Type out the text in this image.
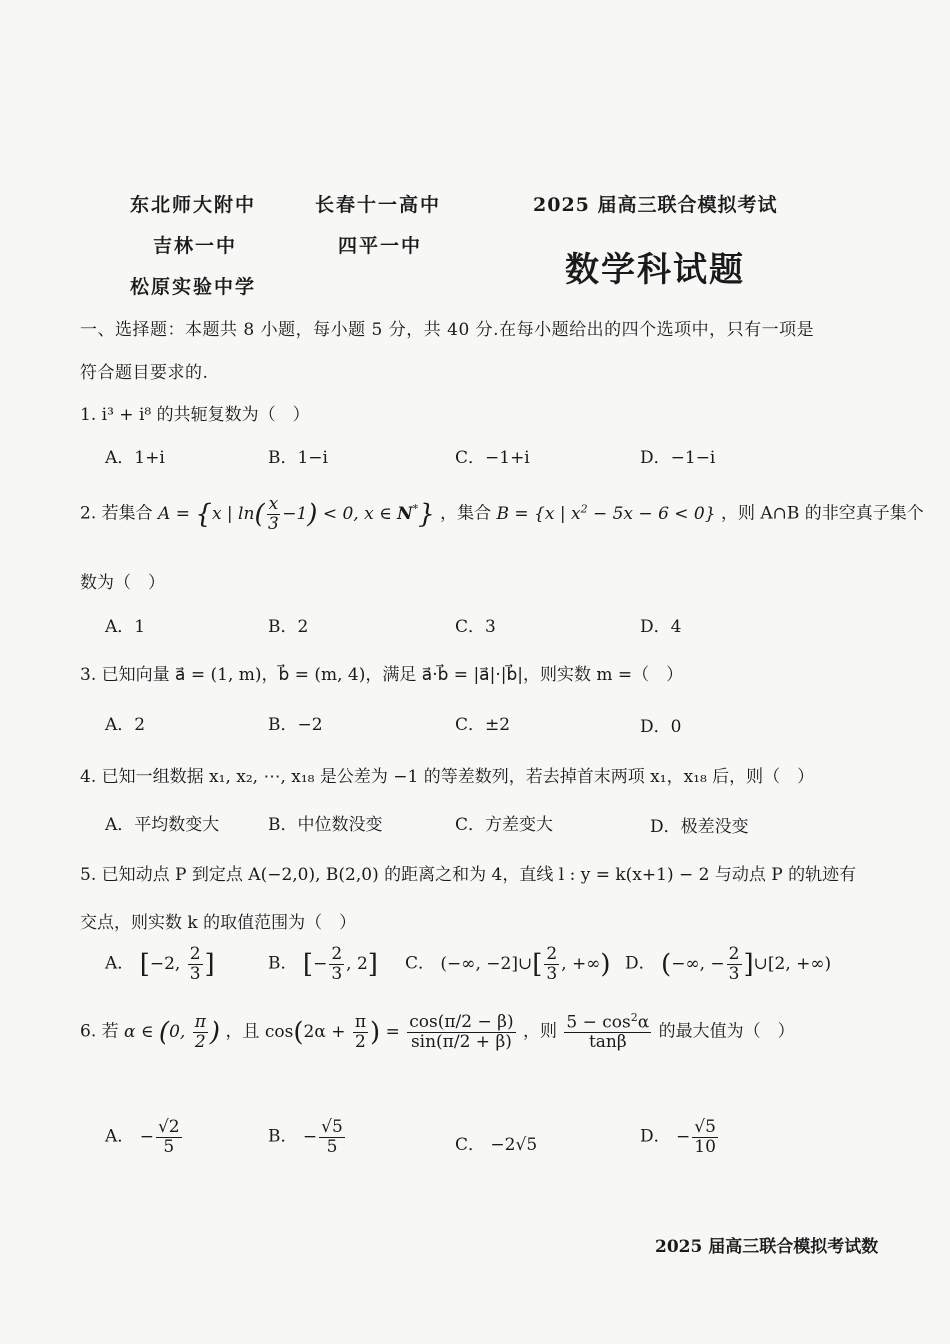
东北师大附中	长春十一高中
吉林一中	四平一中
松原实验中学
2025 届高三联合模拟考试
数学科试题
一、选择题：本题共 8 小题，每小题 5 分，共 40 分.在每小题给出的四个选项中，只有一项是
符合题目要求的.
1. i³ + i⁸ 的共轭复数为（　）
A．1+i	B．1−i	C．−1+i	D．−1−i
2. 若集合 A = {x | $\ln( \frac{x}{3} -1) < 0$, x ∈ N*} ，集合 B = {x | $x^2 - 5x - 6 < 0$} ，则 A∩B 的非空真子集个
数为（　）
A．1	B．2	C．3	D．4
3. 已知向量 a⃗ = (1, m)，b⃗ = (m, 4)，满足 a⃗·b⃗ = |a⃗|·|b⃗|，则实数 m =（　）
A．2	B．−2	C．±2	D．0
4. 已知一组数据 x₁, x₂, ⋯, x₁₈ 是公差为 −1 的等差数列，若去掉首末两项 x₁，x₁₈ 后，则（　）
A．平均数变大	B．中位数没变	C．方差变大	D．极差没变
5. 已知动点 P 到定点 A(−2,0), B(2,0) 的距离之和为 4，直线 l : y = k(x+1) − 2 与动点 P 的轨迹有
交点，则实数 k 的取值范围为（　）
A． [−2, $\frac{2}{3}$ ]	B． [− $\frac{2}{3}$ , 2] C． (−∞, −2]∪[ $\frac{2}{3}$ , +∞) D． (−∞, − $\frac{2}{3}$ ]∪[2, +∞)
6. 若 α ∈ (0, $\frac{\pi}{2}$ ) ，且 $\cos(2\alpha + \frac{\pi}{2}$ ) = $\frac{\cos(\pi/2 - \beta)}{\sin(\pi/2 + \beta)}$ ，则 $\frac{5 - \cos^2\alpha}{\tan\beta}$ 的最大值为（　）
A． − $\frac{√2}{5}$	B． − $\frac{√5}{5}$	C． −2√5	D． − $\frac{√5}{10}$
2025 届高三联合模拟考试数
